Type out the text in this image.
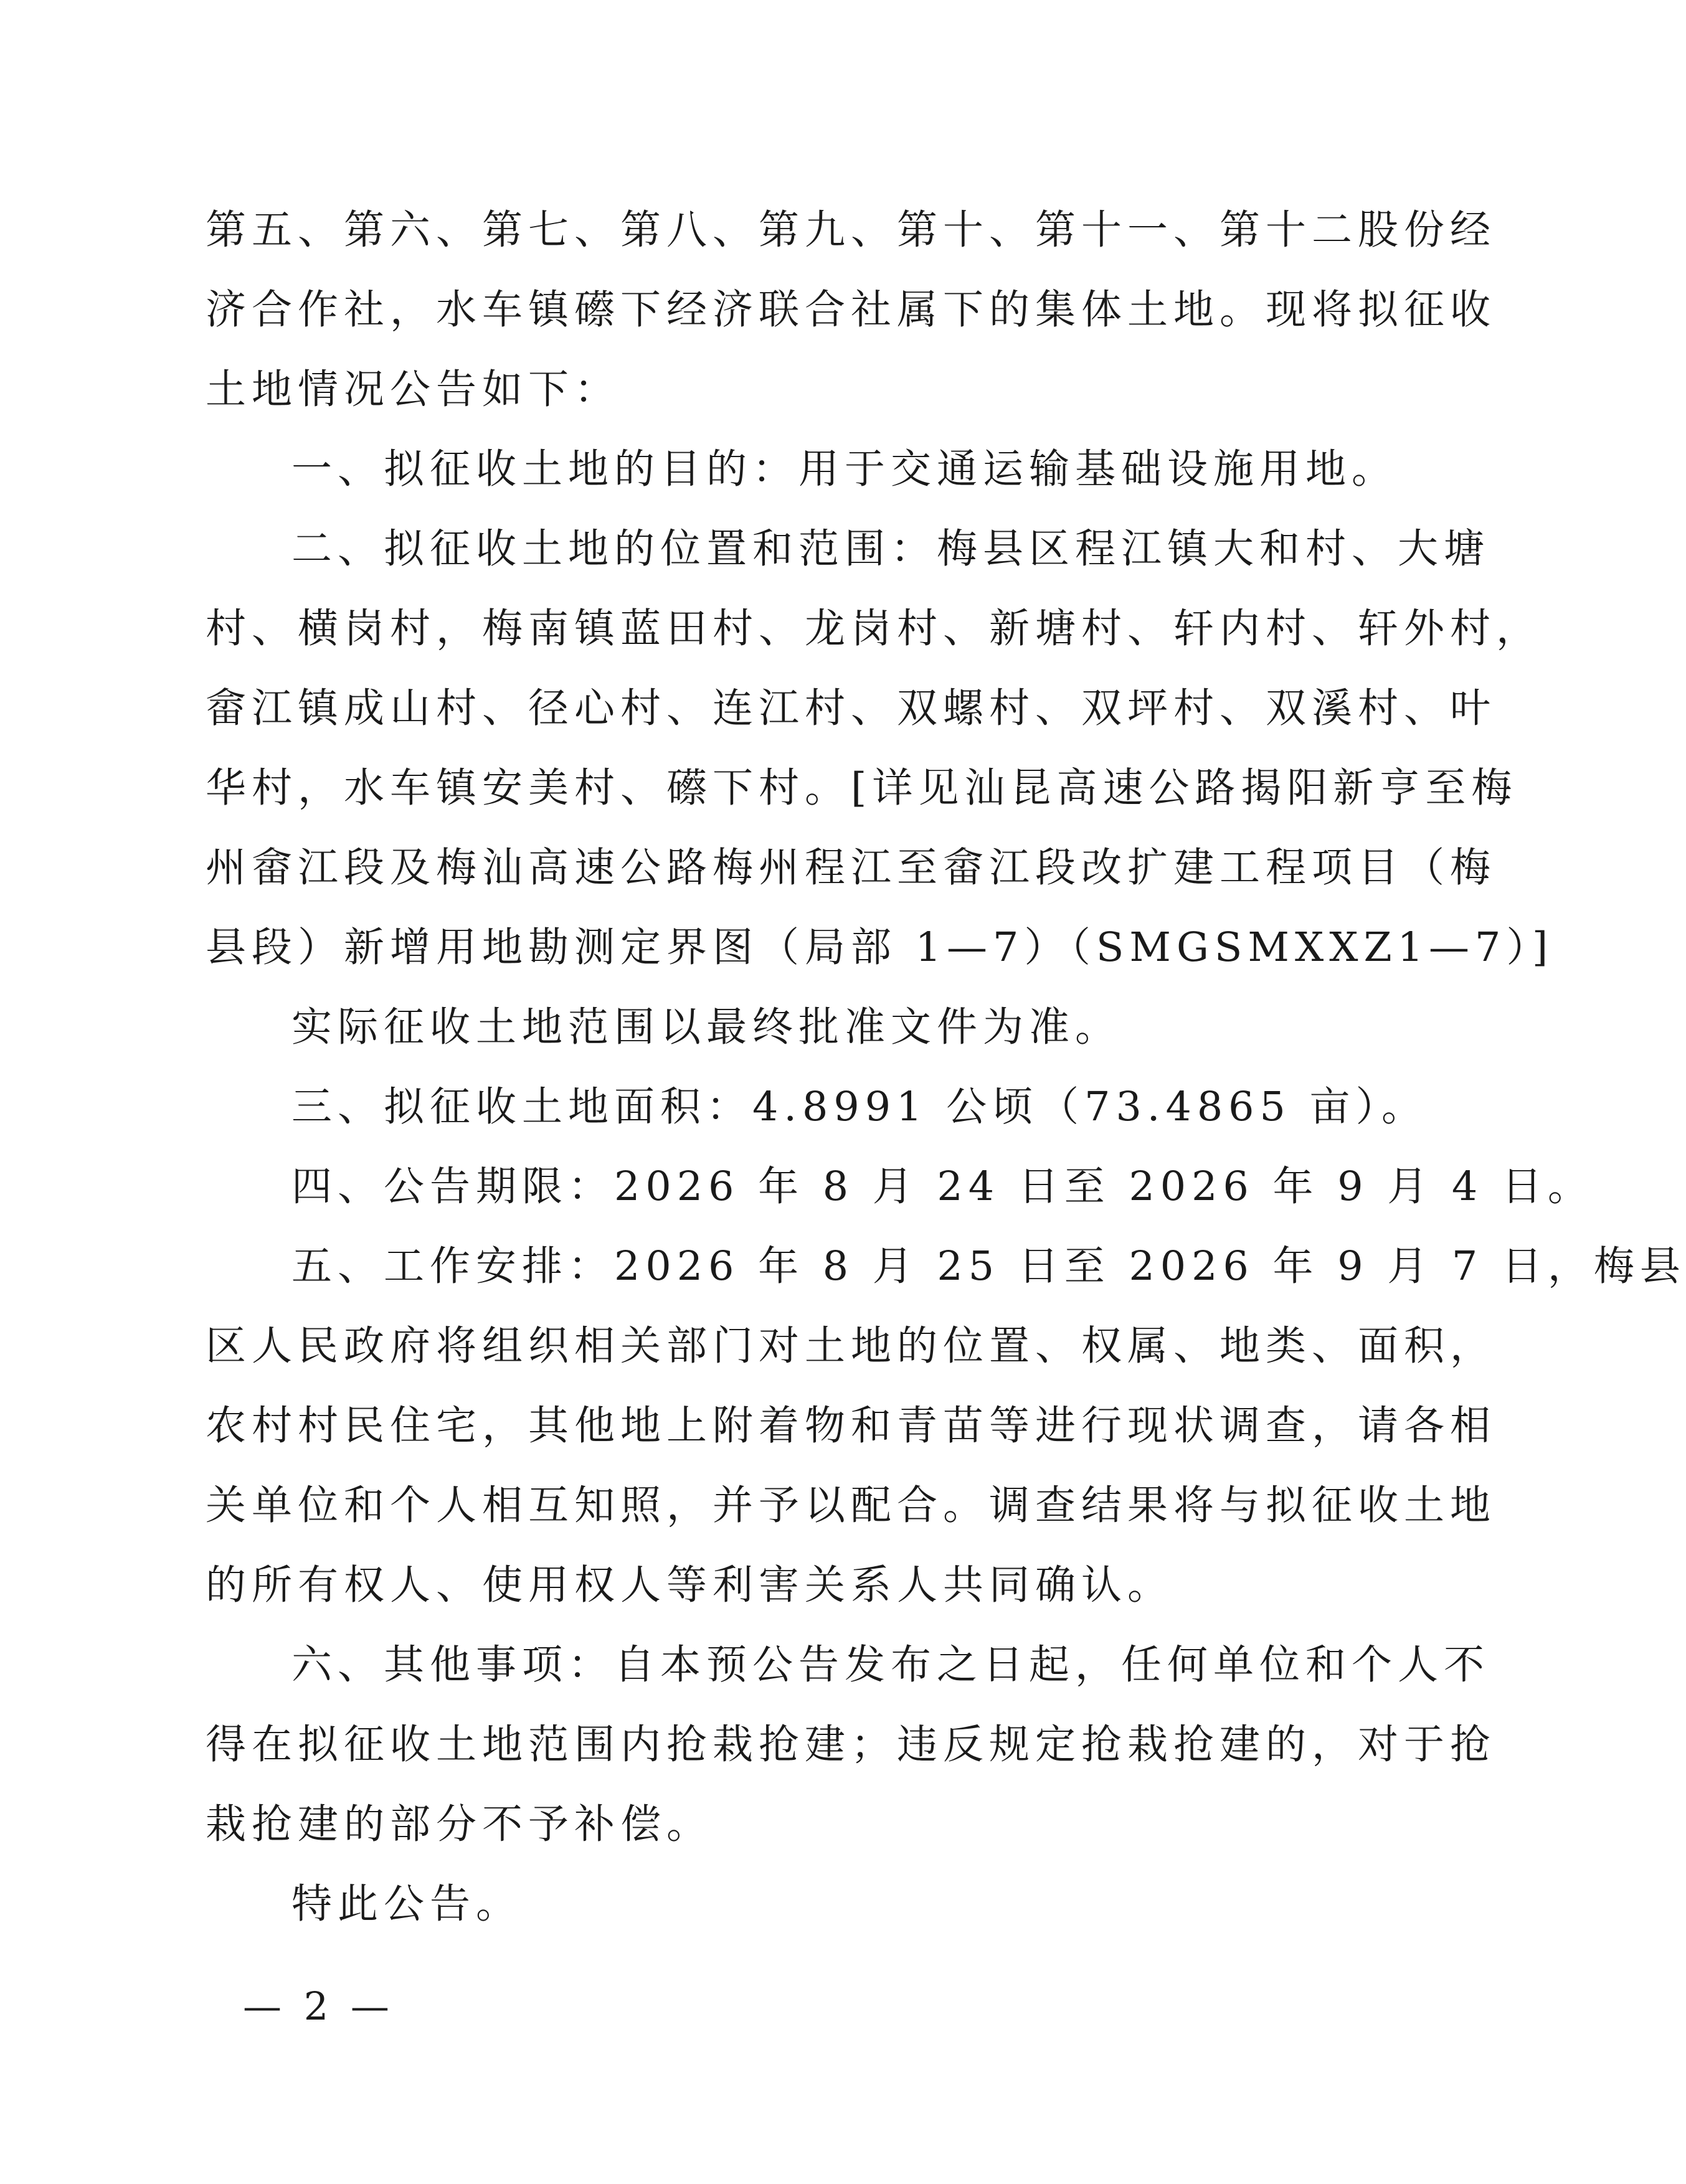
第五、第六、第七、第八、第九、第十、第十一、第十二股份经
济合作社，水车镇礤下经济联合社属下的集体土地。现将拟征收
土地情况公告如下：
一、拟征收土地的目的：用于交通运输基础设施用地。
二、拟征收土地的位置和范围：梅县区程江镇大和村、大塘
村、横岗村，梅南镇蓝田村、龙岗村、新塘村、轩内村、轩外村，
畲江镇成山村、径心村、连江村、双螺村、双坪村、双溪村、叶
华村，水车镇安美村、礤下村。[详见汕昆高速公路揭阳新亨至梅
州畲江段及梅汕高速公路梅州程江至畲江段改扩建工程项目（梅
县段）新增用地勘测定界图（局部 1—7）（SMGSMXXZ1—7）]
实际征收土地范围以最终批准文件为准。
三、拟征收土地面积：4.8991 公顷（73.4865 亩）。
四、公告期限：2026 年 8 月 24 日至 2026 年 9 月 4 日。
五、工作安排：2026 年 8 月 25 日至 2026 年 9 月 7 日，梅县
区人民政府将组织相关部门对土地的位置、权属、地类、面积，
农村村民住宅，其他地上附着物和青苗等进行现状调查，请各相
关单位和个人相互知照，并予以配合。调查结果将与拟征收土地
的所有权人、使用权人等利害关系人共同确认。
六、其他事项：自本预公告发布之日起，任何单位和个人不
得在拟征收土地范围内抢栽抢建；违反规定抢栽抢建的，对于抢
栽抢建的部分不予补偿。
特此公告。
— 2 —
